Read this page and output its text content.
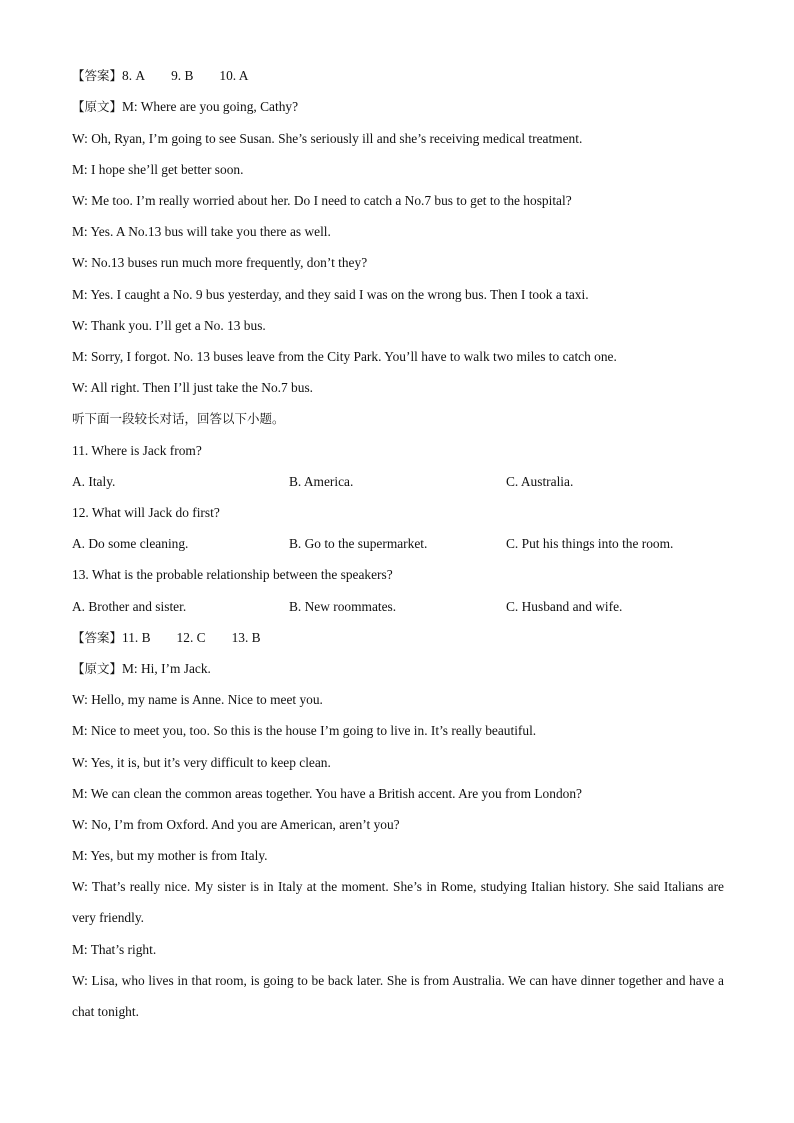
【答案】8. A 9. B 10. A
【原文】M: Where are you going, Cathy?
W: Oh, Ryan, I’m going to see Susan. She’s seriously ill and she’s receiving medical treatment.
M: I hope she’ll get better soon.
W: Me too. I’m really worried about her. Do I need to catch a No.7 bus to get to the hospital?
M: Yes. A No.13 bus will take you there as well.
W: No.13 buses run much more frequently, don’t they?
M: Yes. I caught a No. 9 bus yesterday, and they said I was on the wrong bus. Then I took a taxi.
W: Thank you. I’ll get a No. 13 bus.
M: Sorry, I forgot. No. 13 buses leave from the City Park. You’ll have to walk two miles to catch one.
W: All right. Then I’ll just take the No.7 bus.
听下面一段较长对话，回答以下小题。
11. Where is Jack from?
A. Italy.	B. America.	C. Australia.
12. What will Jack do first?
A. Do some cleaning.	B. Go to the supermarket.	C. Put his things into the room.
13. What is the probable relationship between the speakers?
A. Brother and sister.	B. New roommates.	C. Husband and wife.
【答案】11. B 12. C 13. B
【原文】M: Hi, I’m Jack.
W: Hello, my name is Anne. Nice to meet you.
M: Nice to meet you, too. So this is the house I’m going to live in. It’s really beautiful.
W: Yes, it is, but it’s very difficult to keep clean.
M: We can clean the common areas together. You have a British accent. Are you from London?
W: No, I’m from Oxford. And you are American, aren’t you?
M: Yes, but my mother is from Italy.
W: That’s really nice. My sister is in Italy at the moment. She’s in Rome, studying Italian history. She said Italians are very friendly.
M: That’s right.
W: Lisa, who lives in that room, is going to be back later. She is from Australia. We can have dinner together and have a chat tonight.
